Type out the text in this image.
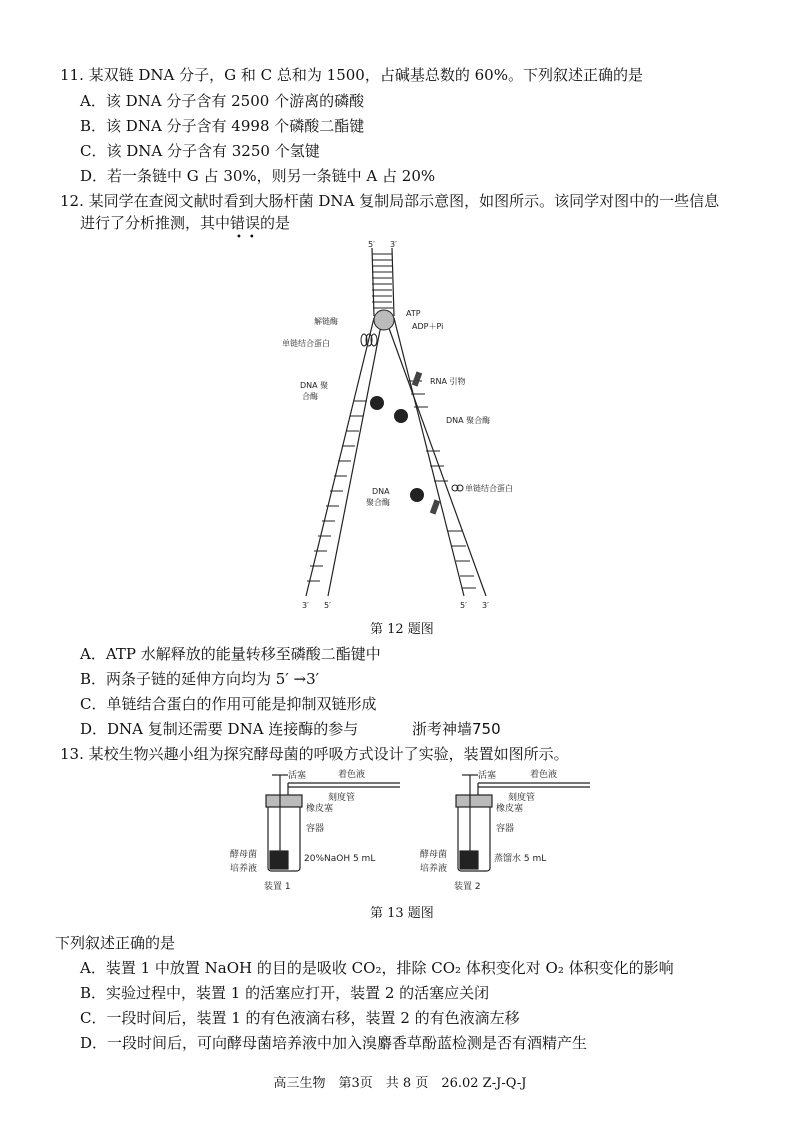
11. 某双链 DNA 分子，G 和 C 总和为 1500，占碱基总数的 60%。下列叙述正确的是
A．该 DNA 分子含有 2500 个游离的磷酸
B．该 DNA 分子含有 4998 个磷酸二酯键
C．该 DNA 分子含有 3250 个氢键
D．若一条链中 G 占 30%，则另一条链中 A 占 20%
12. 某同学在查阅文献时看到大肠杆菌 DNA 复制局部示意图，如图所示。该同学对图中的一些信息
进行了分析推测，其中错误的是
••
5′ 3′
解链酶
ATP
ADP＋Pi
单链结合蛋白
RNA 引物
DNA 聚
合酶
DNA 聚合酶
DNA
聚合酶
单链结合蛋白
3′ 5′	5′ 3′
第 12 题图
A．ATP 水解释放的能量转移至磷酸二酯键中
B．两条子链的延伸方向均为 5′ →3′
C．单链结合蛋白的作用可能是抑制双链形成
D．DNA 复制还需要 DNA 连接酶的参与	浙考神墙750
13. 某校生物兴趣小组为探究酵母菌的呼吸方式设计了实验，装置如图所示。
活塞	着色液
刻度管
橡皮塞
容器
酵母菌
培养液
20%NaOH 5 mL
装置 1
活塞	着色液
刻度管
橡皮塞
容器
酵母菌
培养液
蒸馏水 5 mL
装置 2
第 13 题图
下列叙述正确的是
A．装置 1 中放置 NaOH 的目的是吸收 CO₂，排除 CO₂ 体积变化对 O₂ 体积变化的影响
B．实验过程中，装置 1 的活塞应打开，装置 2 的活塞应关闭
C．一段时间后，装置 1 的有色液滴右移，装置 2 的有色液滴左移
D．一段时间后，可向酵母菌培养液中加入溴麝香草酚蓝检测是否有酒精产生
高三生物　第3页　共 8 页　26.02 Z-J-Q-J
